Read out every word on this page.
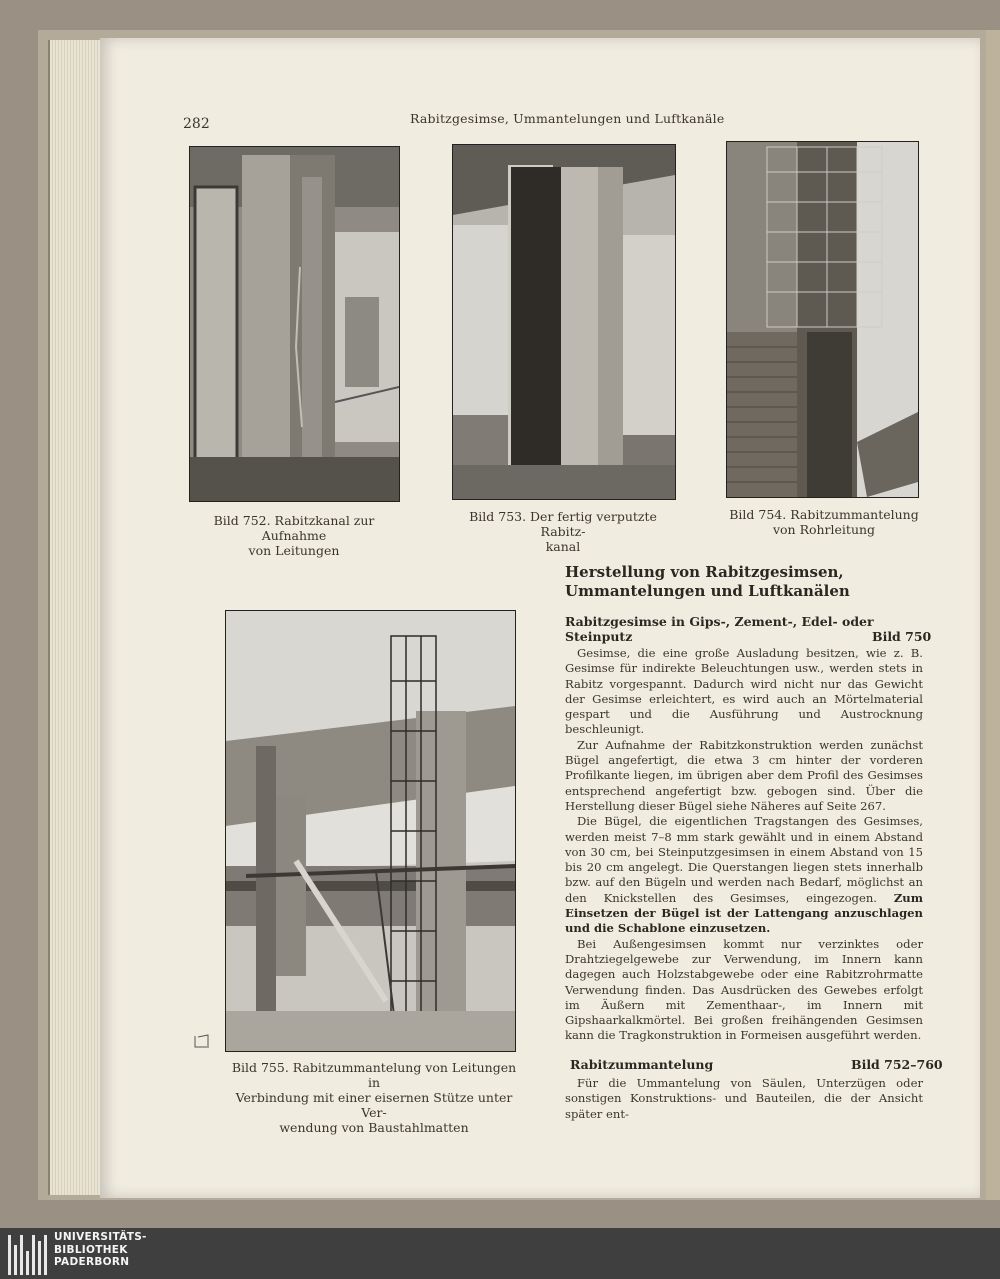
282	Rabitzgesimse, Ummantelungen und Luftkanäle
Bild 752. Rabitzkanal zur Aufnahme
von Leitungen
Bild 753. Der fertig verputzte Rabitz-
kanal
Bild 754. Rabitzummantelung
von Rohrleitung
Bild 755. Rabitzummantelung von Leitungen in
Verbindung mit einer eisernen Stütze unter Ver-
wendung von Baustahlmatten
Herstellung von Rabitzgesimsen,
Ummantelungen und Luftkanälen
Rabitzgesimse in Gips-, Zement-, Edel- oder Steinputz	Bild 750

Gesimse, die eine große Ausladung besitzen, wie z. B. Gesimse für indirekte Beleuchtungen usw., werden stets in Rabitz vorgespannt. Dadurch wird nicht nur das Gewicht der Gesimse erleichtert, es wird auch an Mörtelmaterial gespart und die Ausführung und Austrocknung beschleunigt.

Zur Aufnahme der Rabitzkonstruktion werden zunächst Bügel angefertigt, die etwa 3 cm hinter der vorderen Profilkante liegen, im übrigen aber dem Profil des Gesimses entsprechend angefertigt bzw. gebogen sind. Über die Herstellung dieser Bügel siehe Näheres auf Seite 267.

Die Bügel, die eigentlichen Tragstangen des Gesimses, werden meist 7–8 mm stark gewählt und in einem Abstand von 30 cm, bei Steinputzgesimsen in einem Abstand von 15 bis 20 cm angelegt. Die Querstangen liegen stets innerhalb bzw. auf den Bügeln und werden nach Bedarf, möglichst an den Knickstellen des Gesimses, eingezogen. Zum Einsetzen der Bügel ist der Lattengang anzuschlagen und die Schablone einzusetzen.

Bei Außengesimsen kommt nur verzinktes oder Drahtziegelgewebe zur Verwendung, im Innern kann dagegen auch Holzstabgewebe oder eine Rabitzrohrmatte Verwendung finden. Das Ausdrücken des Gewebes erfolgt im Äußern mit Zementhaar-, im Innern mit Gipshaarkalkmörtel. Bei großen freihängenden Gesimsen kann die Tragkonstruktion in Formeisen ausgeführt werden.

Rabitzummantelung	Bild 752–760

Für die Ummantelung von Säulen, Unterzügen oder sonstigen Konstruktions- und Bauteilen, die der Ansicht später ent-

UNIVERSITÄTS-
BIBLIOTHEK
PADERBORN
